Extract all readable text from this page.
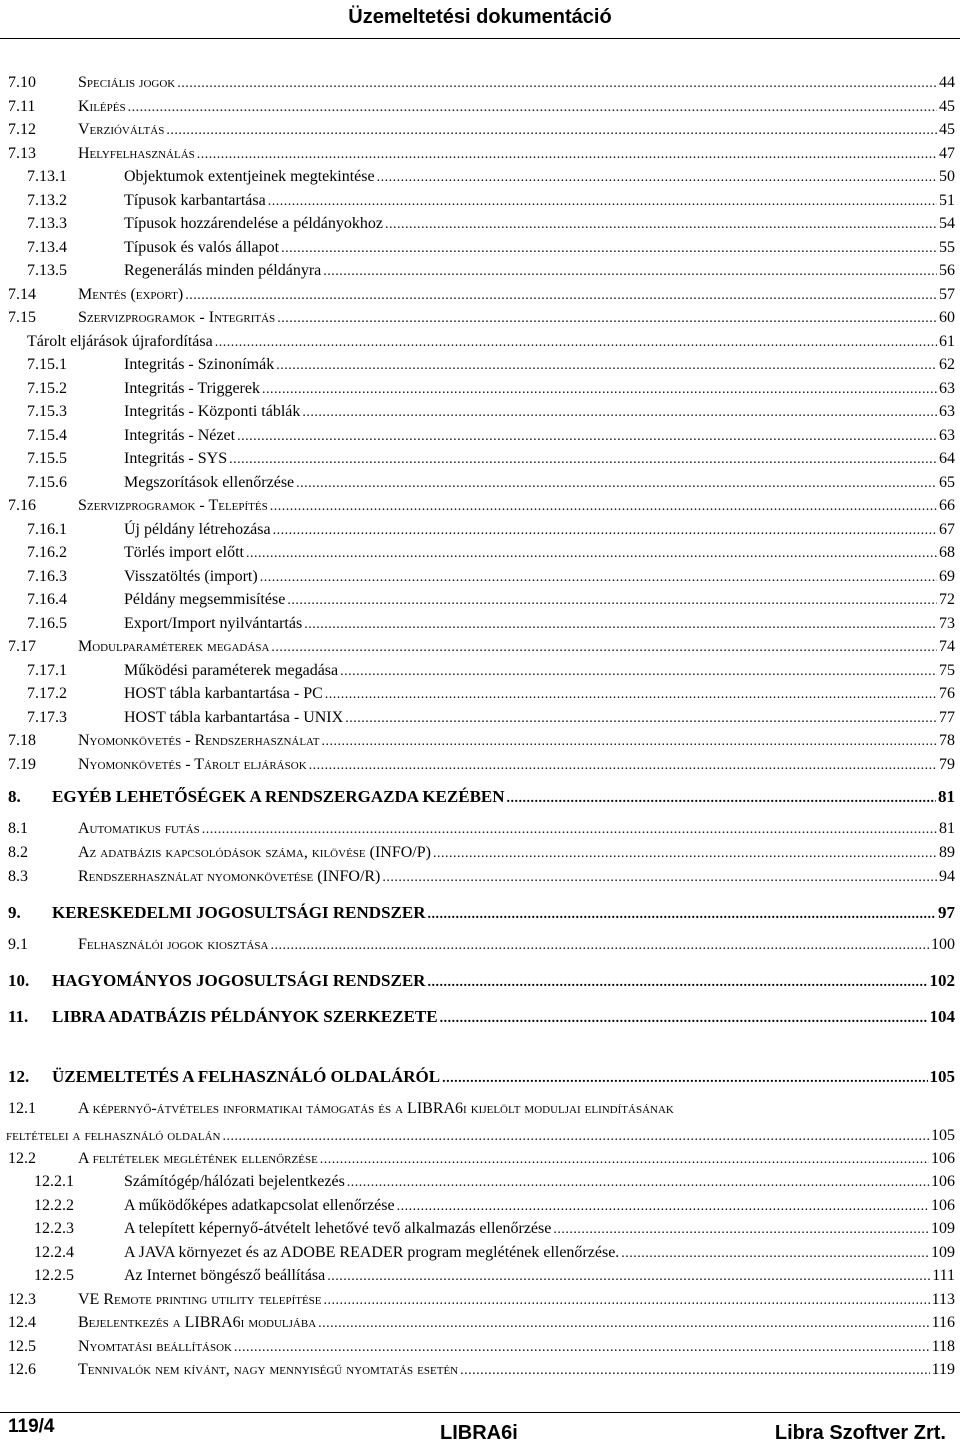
Üzemeltetési dokumentáció
7.10	Speciális jogok .....	44
7.11	Kilépés .....	45
7.12	Verzióváltás .....	45
7.13	Helyfelhasználás .....	47
7.13.1	Objektumok extentjeinek megtekintése .....	50
7.13.2	Típusok karbantartása .....	51
7.13.3	Típusok hozzárendelése a példányokhoz .....	54
7.13.4	Típusok és valós állapot .....	55
7.13.5	Regenerálás minden példányra .....	56
7.14	Mentés (export) .....	57
7.15	Szervizprogramok - Integritás .....	60
Tárolt eljárások újrafordítása .....	61
7.15.1	Integritás - Szinonímák .....	62
7.15.2	Integritás - Triggerek .....	63
7.15.3	Integritás - Központi táblák .....	63
7.15.4	Integritás - Nézet .....	63
7.15.5	Integritás - SYS .....	64
7.15.6	Megszorítások ellenőrzése .....	65
7.16	Szervizprogramok - Telepítés .....	66
7.16.1	Új példány létrehozása .....	67
7.16.2	Törlés import előtt .....	68
7.16.3	Visszatöltés (import) .....	69
7.16.4	Példány megsemmisítése .....	72
7.16.5	Export/Import nyilvántartás .....	73
7.17	Modulparaméterek megadása .....	74
7.17.1	Működési paraméterek megadása .....	75
7.17.2	HOST tábla karbantartása - PC .....	76
7.17.3	HOST tábla karbantartása - UNIX .....	77
7.18	Nyomonkövetés - Rendszerhasználat .....	78
7.19	Nyomonkövetés - Tárolt eljárások .....	79
8.	EGYÉB LEHETŐSÉGEK A RENDSZERGAZDA KEZÉBEN .....	81
8.1	Automatikus futás .....	81
8.2	Az adatbázis kapcsolódások száma, kilövése (INFO/P) .....	89
8.3	Rendszerhasználat nyomonkövetése (INFO/R) .....	94
9.	KERESKEDELMI JOGOSULTSÁGI RENDSZER .....	97
9.1	Felhasználói jogok kiosztása .....	100
10.	HAGYOMÁNYOS JOGOSULTSÁGI RENDSZER .....	102
11.	LIBRA ADATBÁZIS PÉLDÁNYOK SZERKEZETE .....	104
12.	ÜZEMELTETÉS A FELHASZNÁLÓ OLDALÁRÓL .....	105
12.1	A képernyő-átvételes informatikai támogatás és a LIBRA6i kijelölt moduljai elindításának
feltételei a felhasználó oldalán .....	105
12.2	A feltételek meglétének ellenőrzése .....	106
12.2.1	Számítógép/hálózati bejelentkezés .....	106
12.2.2	A működőképes adatkapcsolat ellenőrzése .....	106
12.2.3	A telepített képernyő-átvételt lehetővé tevő alkalmazás ellenőrzése .....	109
12.2.4	A JAVA környezet és az ADOBE READER program meglétének ellenőrzése. .....	109
12.2.5	Az Internet böngésző beállítása .....	111
12.3	VE Remote printing utility telepítése .....	113
12.4	Bejelentkezés a LIBRA6i moduljába .....	116
12.5	Nyomtatási beállítások .....	118
12.6	Tennivalók nem kívánt, nagy mennyiségű nyomtatás esetén .....	119
119/4	LIBRA6i	Libra Szoftver Zrt.
